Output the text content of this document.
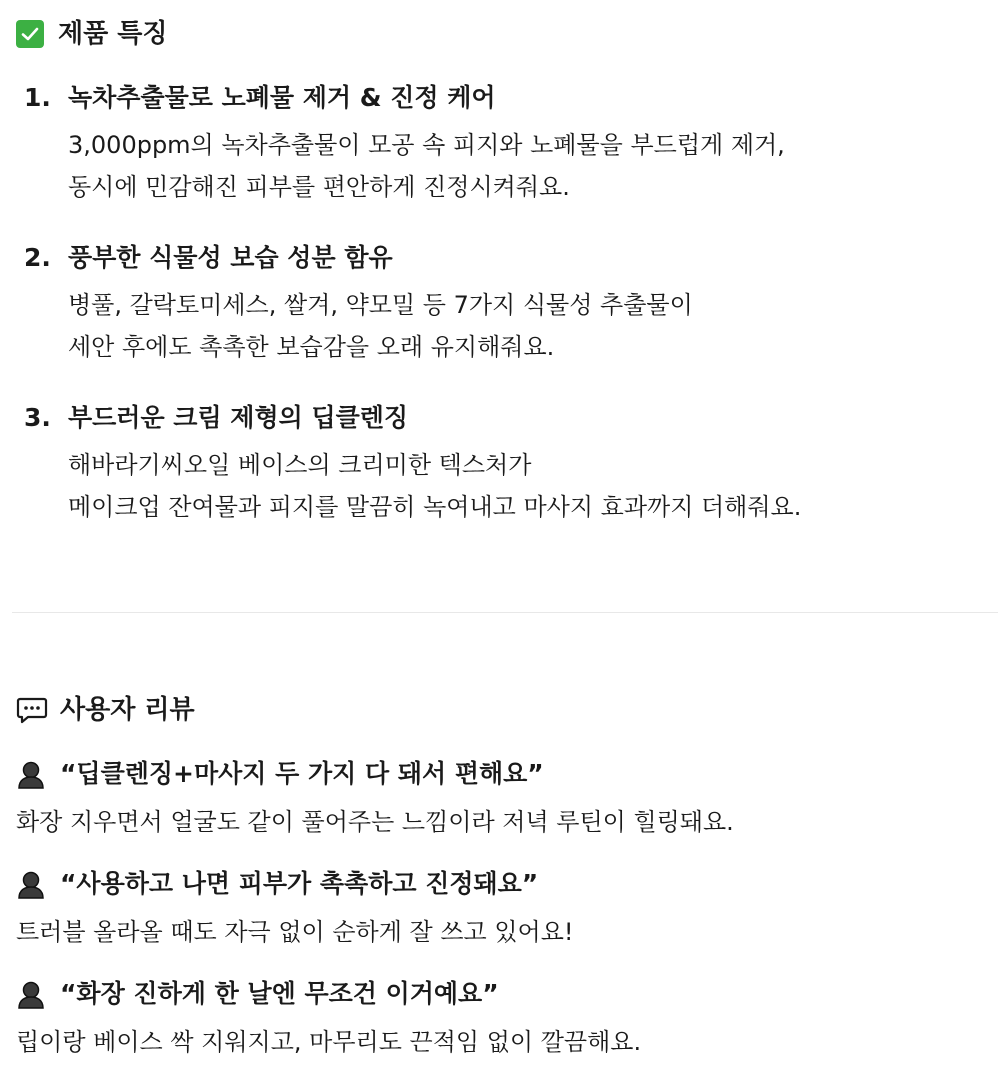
제품 특징
1. 녹차추출물로 노폐물 제거 & 진정 케어
3,000ppm의 녹차추출물이 모공 속 피지와 노폐물을 부드럽게 제거,
동시에 민감해진 피부를 편안하게 진정시켜줘요.
2. 풍부한 식물성 보습 성분 함유
병풀, 갈락토미세스, 쌀겨, 약모밀 등 7가지 식물성 추출물이
세안 후에도 촉촉한 보습감을 오래 유지해줘요.
3. 부드러운 크림 제형의 딥클렌징
해바라기씨오일 베이스의 크리미한 텍스처가
메이크업 잔여물과 피지를 말끔히 녹여내고 마사지 효과까지 더해줘요.
사용자 리뷰
“딥클렌징+마사지 두 가지 다 돼서 편해요”
화장 지우면서 얼굴도 같이 풀어주는 느낌이라 저녁 루틴이 힐링돼요.
“사용하고 나면 피부가 촉촉하고 진정돼요”
트러블 올라올 때도 자극 없이 순하게 잘 쓰고 있어요!
“화장 진하게 한 날엔 무조건 이거예요”
립이랑 베이스 싹 지워지고, 마무리도 끈적임 없이 깔끔해요.
